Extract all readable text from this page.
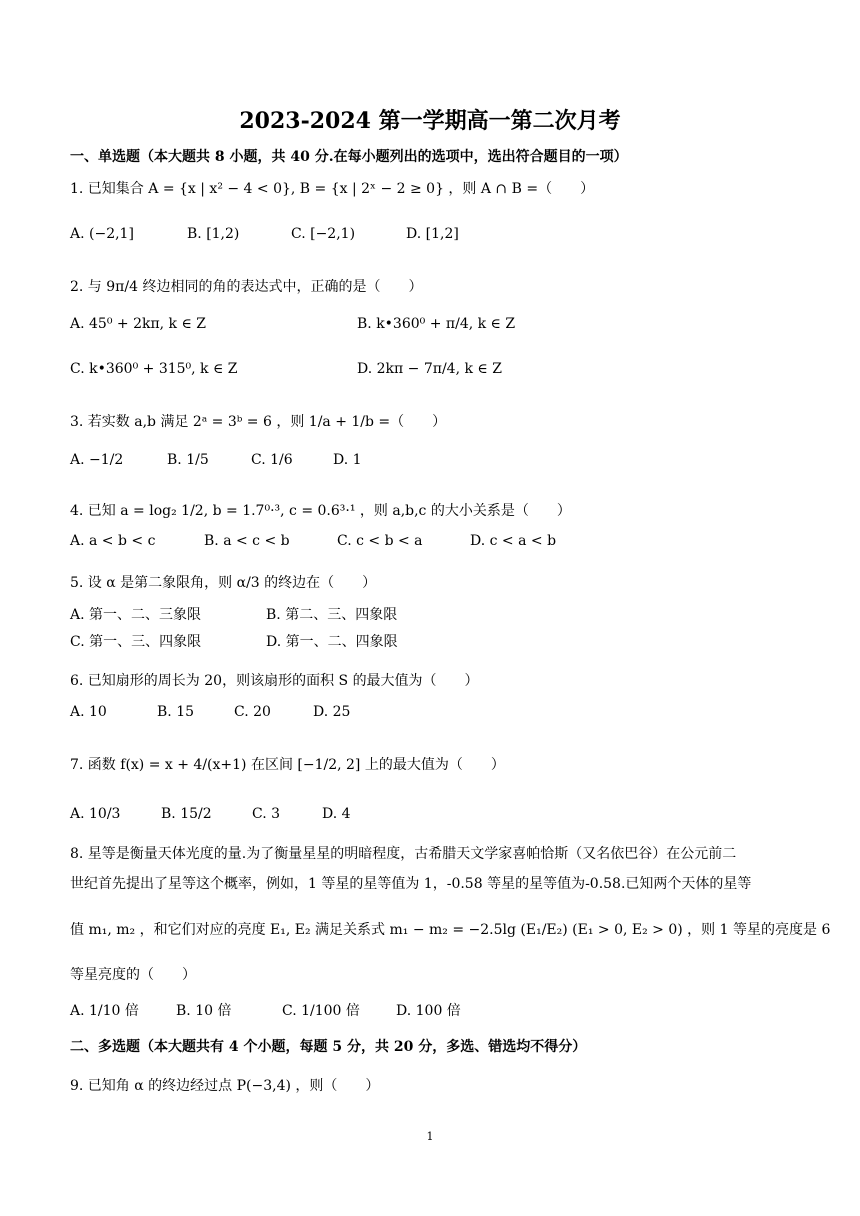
2023-2024 第一学期高一第二次月考
一、单选题（本大题共 8 小题，共 40 分.在每小题列出的选项中，选出符合题目的一项）
1. 已知集合 A = {x | x² − 4 < 0}, B = {x | 2ˣ − 2 ≥ 0} ，则 A ∩ B =（　　）
A. (−2,1]	B. [1,2)	C. [−2,1)	D. [1,2]
2. 与 9π/4 终边相同的角的表达式中，正确的是（　　）
A. 45⁰ + 2kπ, k ∈ Z	B. k•360⁰ + π/4, k ∈ Z
C. k•360⁰ + 315⁰, k ∈ Z	D. 2kπ − 7π/4, k ∈ Z
3. 若实数 a,b 满足 2ᵃ = 3ᵇ = 6 ，则 1/a + 1/b =（　　）
A. −1/2	B. 1/5	C. 1/6	D. 1
4. 已知 a = log₂ 1/2, b = 1.7⁰·³, c = 0.6³·¹ ，则 a,b,c 的大小关系是（　　）
A. a < b < c	B. a < c < b	C. c < b < a	D. c < a < b
5. 设 α 是第二象限角，则 α/3 的终边在（　　）
A. 第一、二、三象限	B. 第二、三、四象限
C. 第一、三、四象限	D. 第一、二、四象限
6. 已知扇形的周长为 20，则该扇形的面积 S 的最大值为（　　）
A. 10	B. 15	C. 20	D. 25
7. 函数 f(x) = x + 4/(x+1) 在区间 [−1/2, 2] 上的最大值为（　　）
A. 10/3	B. 15/2	C. 3	D. 4
8. 星等是衡量天体光度的量.为了衡量星星的明暗程度，古希腊天文学家喜帕恰斯（又名依巴谷）在公元前二
世纪首先提出了星等这个概率，例如，1 等星的星等值为 1，-0.58 等星的星等值为-0.58.已知两个天体的星等
值 m₁, m₂ ，和它们对应的亮度 E₁, E₂ 满足关系式 m₁ − m₂ = −2.5lg (E₁/E₂) (E₁ > 0, E₂ > 0) ，则 1 等星的亮度是 6
等星亮度的（　　）
A. 1/10 倍	B. 10 倍	C. 1/100 倍	D. 100 倍
二、多选题（本大题共有 4 个小题，每题 5 分，共 20 分，多选、错选均不得分）
9. 已知角 α 的终边经过点 P(−3,4) ，则（　　）
1
